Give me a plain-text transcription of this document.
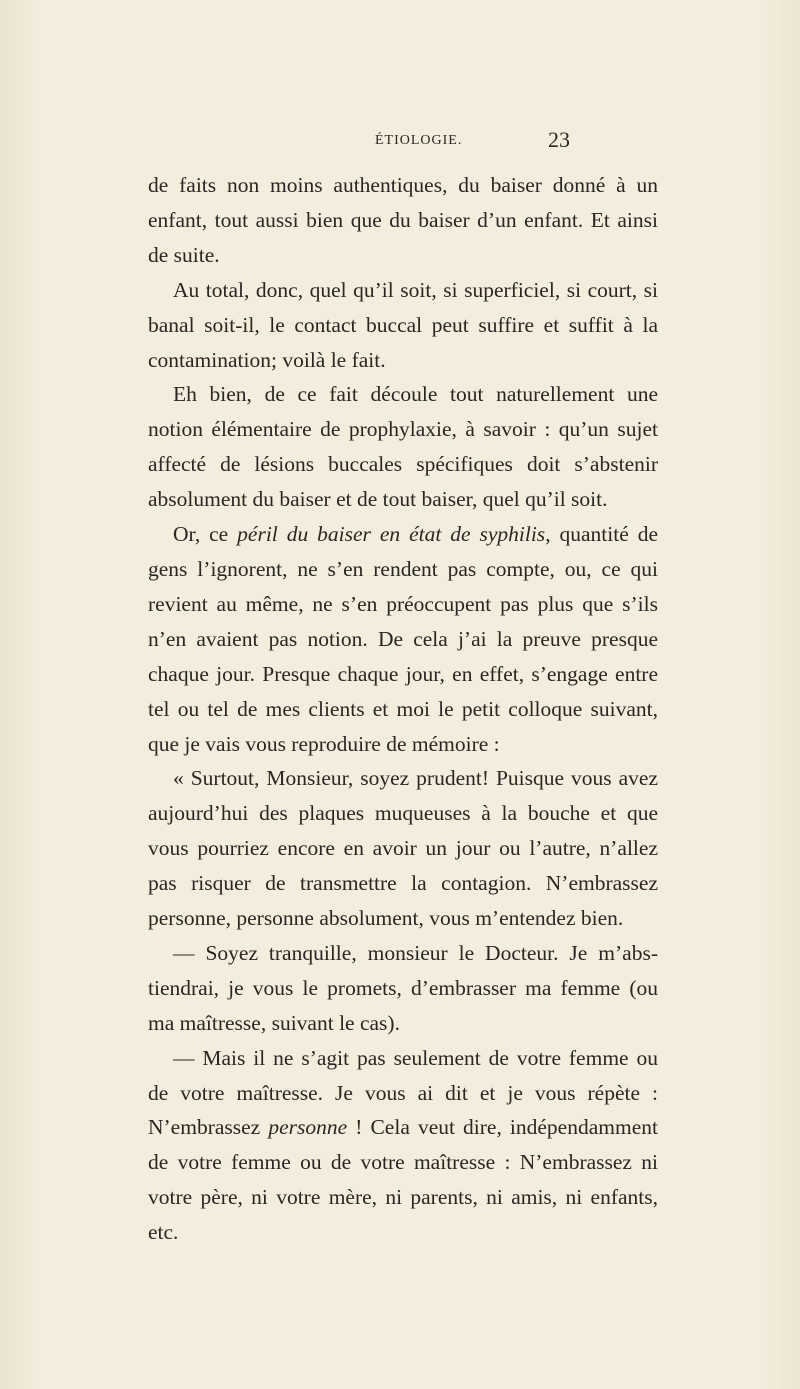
ÉTIOLOGIE.	23

de faits non moins authentiques, du baiser donné à un enfant, tout aussi bien que du baiser d’un enfant. Et ainsi de suite.

Au total, donc, quel qu’il soit, si superficiel, si court, si banal soit-il, le contact buccal peut suffire et suffit à la contamination; voilà le fait.

Eh bien, de ce fait découle tout naturellement une notion élémentaire de prophylaxie, à savoir : qu’un sujet affecté de lésions buccales spécifiques doit s’abstenir absolument du baiser et de tout baiser, quel qu’il soit.

Or, ce péril du baiser en état de syphilis, quantité de gens l’ignorent, ne s’en rendent pas compte, ou, ce qui revient au même, ne s’en préoccupent pas plus que s’ils n’en avaient pas notion. De cela j’ai la preuve presque chaque jour. Presque chaque jour, en effet, s’engage entre tel ou tel de mes clients et moi le petit colloque suivant, que je vais vous reproduire de mémoire :

« Surtout, Monsieur, soyez prudent! Puisque vous avez aujourd’hui des plaques muqueuses à la bouche et que vous pourriez encore en avoir un jour ou l’autre, n’allez pas risquer de transmettre la contagion. N’embrassez personne, personne absolument, vous m’entendez bien.

— Soyez tranquille, monsieur le Docteur. Je m’abstiendrai, je vous le promets, d’embrasser ma femme (ou ma maîtresse, suivant le cas).

— Mais il ne s’agit pas seulement de votre femme ou de votre maîtresse. Je vous ai dit et je vous répète : N’embrassez personne ! Cela veut dire, indépendamment de votre femme ou de votre maîtresse : N’embrassez ni votre père, ni votre mère, ni parents, ni amis, ni enfants, etc.
